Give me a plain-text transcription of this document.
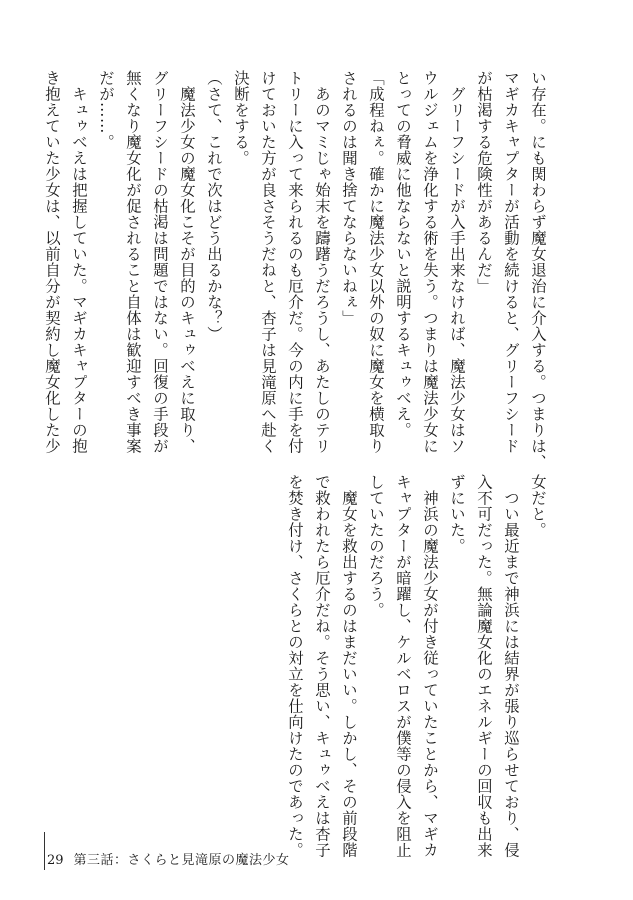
い存在。にも関わらず魔女退治に介入する。つまりは、
マギカキャプターが活動を続けると、グリーフシード
が枯渇する危険性があるんだ」
　グリーフシードが入手出来なければ、魔法少女はソ
ウルジェムを浄化する術を失う。つまりは魔法少女に
とっての脅威に他ならないと説明するキュゥべえ。
「成程ねぇ。確かに魔法少女以外の奴に魔女を横取り
されるのは聞き捨てならないねぇ」
　あのマミじゃ始末を躊躇うだろうし、あたしのテリ
トリーに入って来られるのも厄介だ。今の内に手を付
けておいた方が良さそうだねと、杏子は見滝原へ赴く
決断をする。
（さて、これで次はどう出るかな？）
　魔法少女の魔女化こそが目的のキュゥべえに取り、
グリーフシードの枯渇は問題ではない。回復の手段が
無くなり魔女化が促されること自体は歓迎すべき事案
だが……。
　キュゥべえは把握していた。マギカキャプターの抱
き抱えていた少女は、以前自分が契約し魔女化した少
女だと。
　つい最近まで神浜には結界が張り巡らせており、侵
入不可だった。無論魔女化のエネルギーの回収も出来
ずにいた。
　神浜の魔法少女が付き従っていたことから、マギカ
キャプターが暗躍し、ケルベロスが僕等の侵入を阻止
していたのだろう。
　魔女を救出するのはまだいい。しかし、その前段階
で救われたら厄介だね。そう思い、キュゥべえは杏子
を焚き付け、さくらとの対立を仕向けたのであった。
29 第三話：さくらと見滝原の魔法少女
